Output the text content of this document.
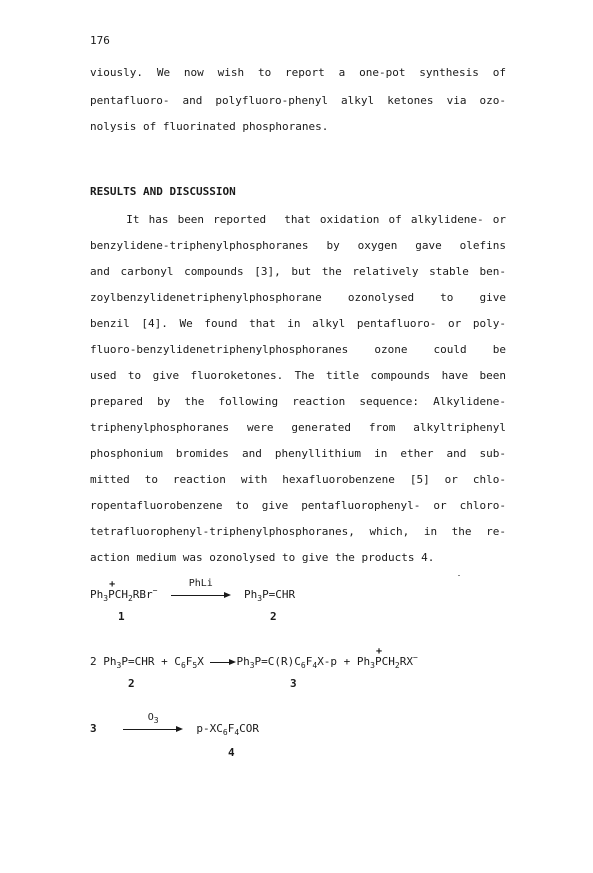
176
viously. We now wish to report a one-pot synthesis of
pentafluoro- and polyfluoro-phenyl alkyl ketones via ozo-
nolysis of fluorinated phosphoranes.
RESULTS AND DISCUSSION
It has been reported  that oxidation of alkylidene- or
benzylidene-triphenylphosphoranes by oxygen gave olefins
and carbonyl compounds [3], but the relatively stable ben-
zoylbenzylidenetriphenylphosphorane ozonolysed to give
benzil [4]. We found that in alkyl pentafluoro- or poly-
fluoro-benzylidenetriphenylphosphoranes ozone could be
used to give fluoroketones. The title compounds have been
prepared by the following reaction sequence: Alkylidene-
triphenylphosphoranes were generated from alkyltriphenyl
phosphonium bromides and phenyllithium in ether and sub-
mitted to reaction with hexafluorobenzene [5] or chlo-
ropentafluorobenzene to give pentafluorophenyl- or chloro-
tetrafluorophenyl-triphenylphosphoranes, which, in the re-
action medium was ozonolysed to give the products 4.
$Ph_3+ PCH_2RBr^-$
PhLi
$Ph_3P=CHR$
1	2
2 $Ph_3P=CHR + C_6F_5X$
$Ph_3P=C(R)C_6F_4X-p + Ph_3+ PCH_2RX^-$
2	3
3
$O_3$
$p-XC_6F_4COR$
4
